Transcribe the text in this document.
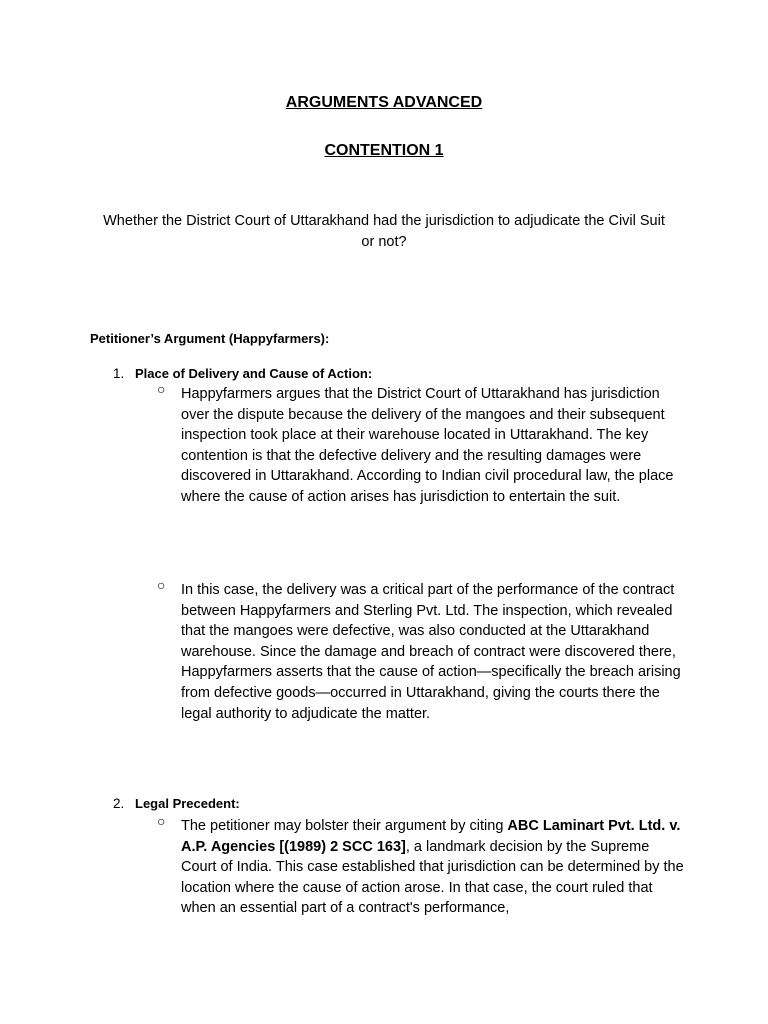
ARGUMENTS ADVANCED
CONTENTION 1

Whether the District Court of Uttarakhand had the jurisdiction to adjudicate the Civil Suit or not?

Petitioner’s Argument (Happyfarmers):

1. Place of Delivery and Cause of Action:
○ Happyfarmers argues that the District Court of Uttarakhand has jurisdiction over the dispute because the delivery of the mangoes and their subsequent inspection took place at their warehouse located in Uttarakhand. The key contention is that the defective delivery and the resulting damages were discovered in Uttarakhand. According to Indian civil procedural law, the place where the cause of action arises has jurisdiction to entertain the suit.

○ In this case, the delivery was a critical part of the performance of the contract between Happyfarmers and Sterling Pvt. Ltd. The inspection, which revealed that the mangoes were defective, was also conducted at the Uttarakhand warehouse. Since the damage and breach of contract were discovered there, Happyfarmers asserts that the cause of action—specifically the breach arising from defective goods—occurred in Uttarakhand, giving the courts there the legal authority to adjudicate the matter.

2. Legal Precedent:
○ The petitioner may bolster their argument by citing ABC Laminart Pvt. Ltd. v. A.P. Agencies [(1989) 2 SCC 163], a landmark decision by the Supreme Court of India. This case established that jurisdiction can be determined by the location where the cause of action arose. In that case, the court ruled that when an essential part of a contract's performance,
